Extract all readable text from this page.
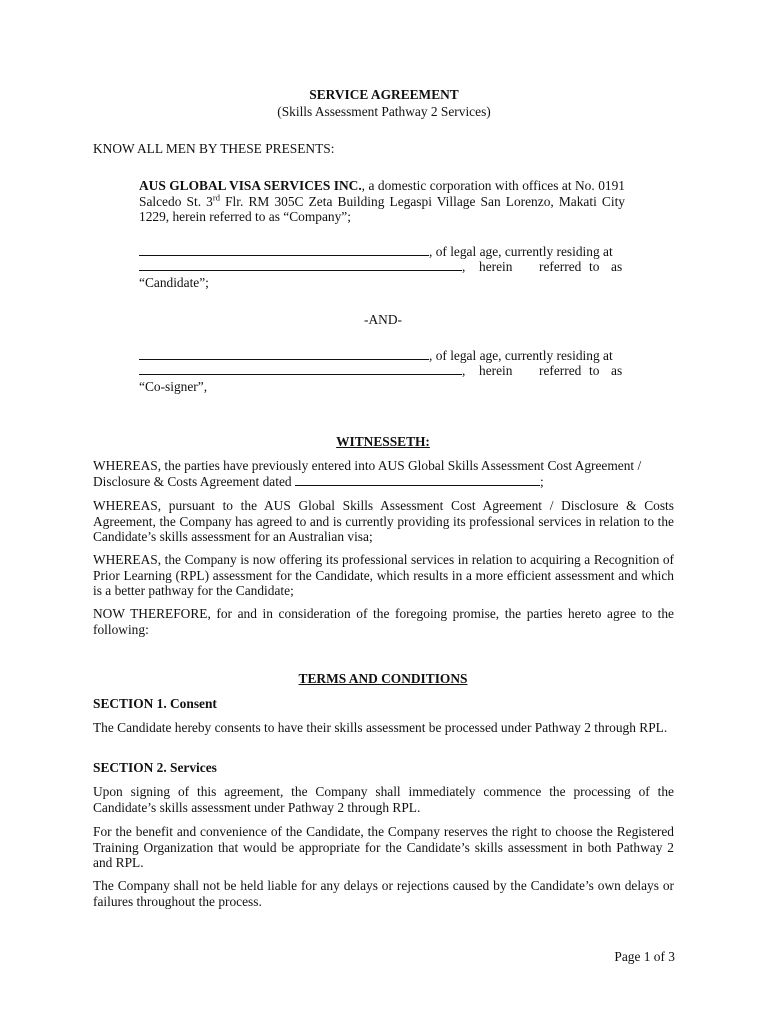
SERVICE AGREEMENT
(Skills Assessment Pathway 2 Services)
KNOW ALL MEN BY THESE PRESENTS:
AUS GLOBAL VISA SERVICES INC., a domestic corporation with offices at No. 0191 Salcedo St. 3rd Flr. RM 305C Zeta Building Legaspi Village San Lorenzo, Makati City 1229, herein referred to as “Company”;
, of legal age, currently residing at
, herein referred to as
“Candidate”;
-AND-
, of legal age, currently residing at
, herein referred to as
“Co-signer”,
WITNESSETH:
WHEREAS, the parties have previously entered into AUS Global Skills Assessment Cost Agreement /
Disclosure & Costs Agreement dated	;
WHEREAS, pursuant to the AUS Global Skills Assessment Cost Agreement / Disclosure & Costs Agreement, the Company has agreed to and is currently providing its professional services in relation to the Candidate’s skills assessment for an Australian visa;
WHEREAS, the Company is now offering its professional services in relation to acquiring a Recognition of Prior Learning (RPL) assessment for the Candidate, which results in a more efficient assessment and which is a better pathway for the Candidate;
NOW THEREFORE, for and in consideration of the foregoing promise, the parties hereto agree to the following:
TERMS AND CONDITIONS
SECTION 1. Consent
The Candidate hereby consents to have their skills assessment be processed under Pathway 2 through RPL.
SECTION 2. Services
Upon signing of this agreement, the Company shall immediately commence the processing of the Candidate’s skills assessment under Pathway 2 through RPL.
For the benefit and convenience of the Candidate, the Company reserves the right to choose the Registered Training Organization that would be appropriate for the Candidate’s skills assessment in both Pathway 2 and RPL.
The Company shall not be held liable for any delays or rejections caused by the Candidate’s own delays or failures throughout the process.
Page 1 of 3
